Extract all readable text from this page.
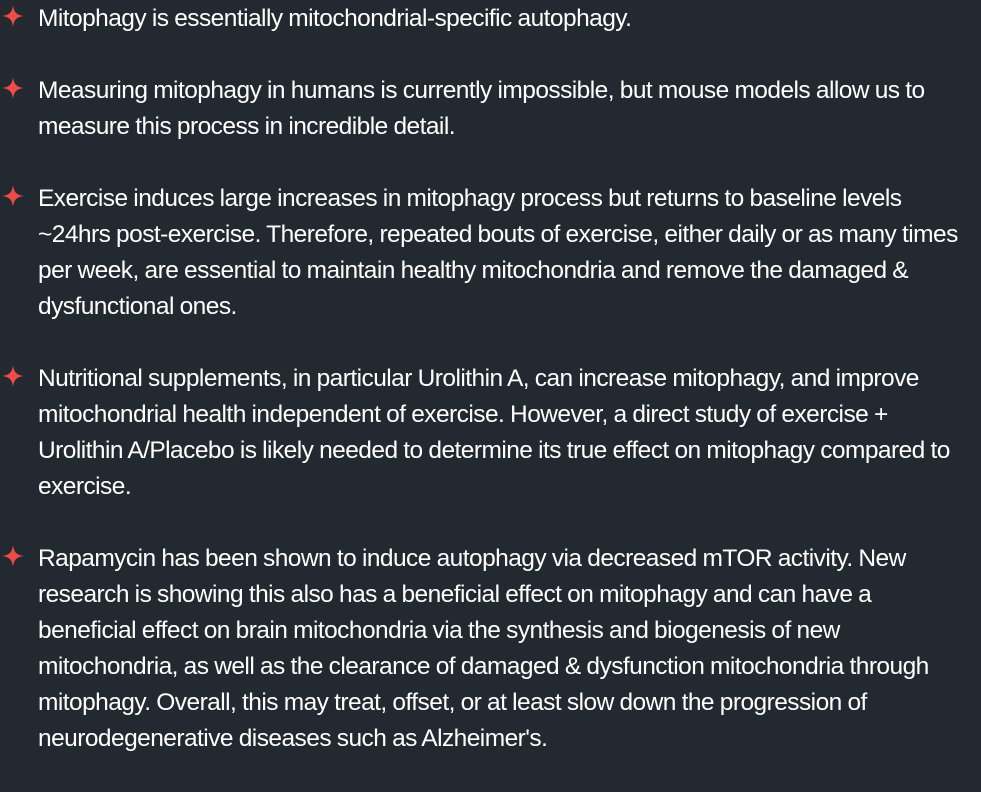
Mitophagy is essentially mitochondrial-specific autophagy.
Measuring mitophagy in humans is currently impossible, but mouse models allow us to measure this process in incredible detail.
Exercise induces large increases in mitophagy process but returns to baseline levels ~24hrs post-exercise. Therefore, repeated bouts of exercise, either daily or as many times per week, are essential to maintain healthy mitochondria and remove the damaged & dysfunctional ones.
Nutritional supplements, in particular Urolithin A, can increase mitophagy, and improve mitochondrial health independent of exercise. However, a direct study of exercise + Urolithin A/Placebo is likely needed to determine its true effect on mitophagy compared to exercise.
Rapamycin has been shown to induce autophagy via decreased mTOR activity. New research is showing this also has a beneficial effect on mitophagy and can have a beneficial effect on brain mitochondria via the synthesis and biogenesis of new mitochondria, as well as the clearance of damaged & dysfunction mitochondria through mitophagy. Overall, this may treat, offset, or at least slow down the progression of neurodegenerative diseases such as Alzheimer's.
